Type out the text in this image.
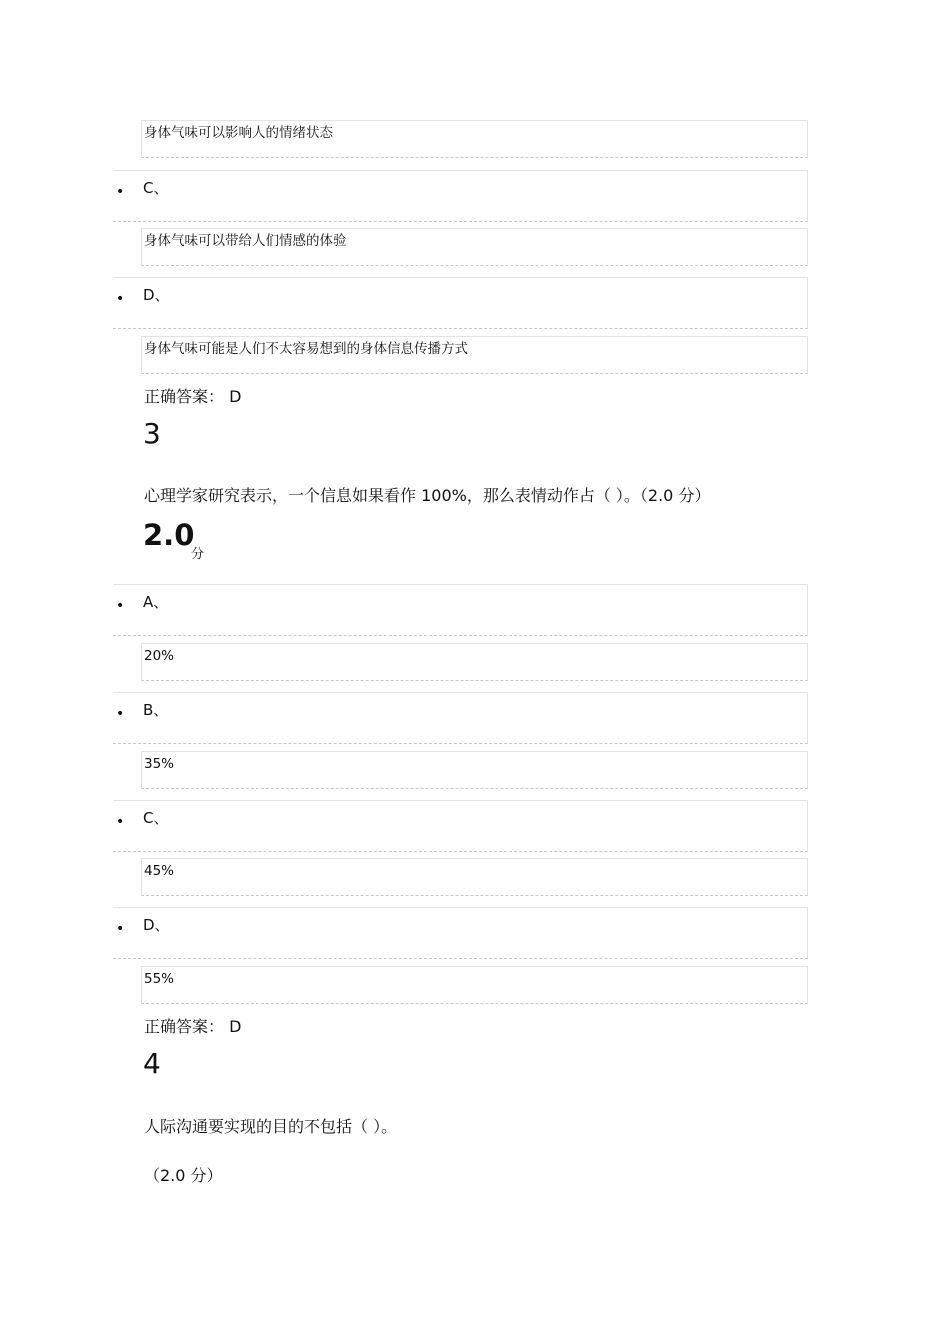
身体气味可以影响人的情绪状态
• C、
身体气味可以带给人们情感的体验
• D、
身体气味可能是人们不太容易想到的身体信息传播方式
正确答案： D
3
心理学家研究表示，一个信息如果看作 100%，那么表情动作占（ ）。（2.0 分）
2.0
分
• A、
20%
• B、
35%
• C、
45%
• D、
55%
正确答案： D
4
人际沟通要实现的目的不包括（ ）。
（2.0 分）
